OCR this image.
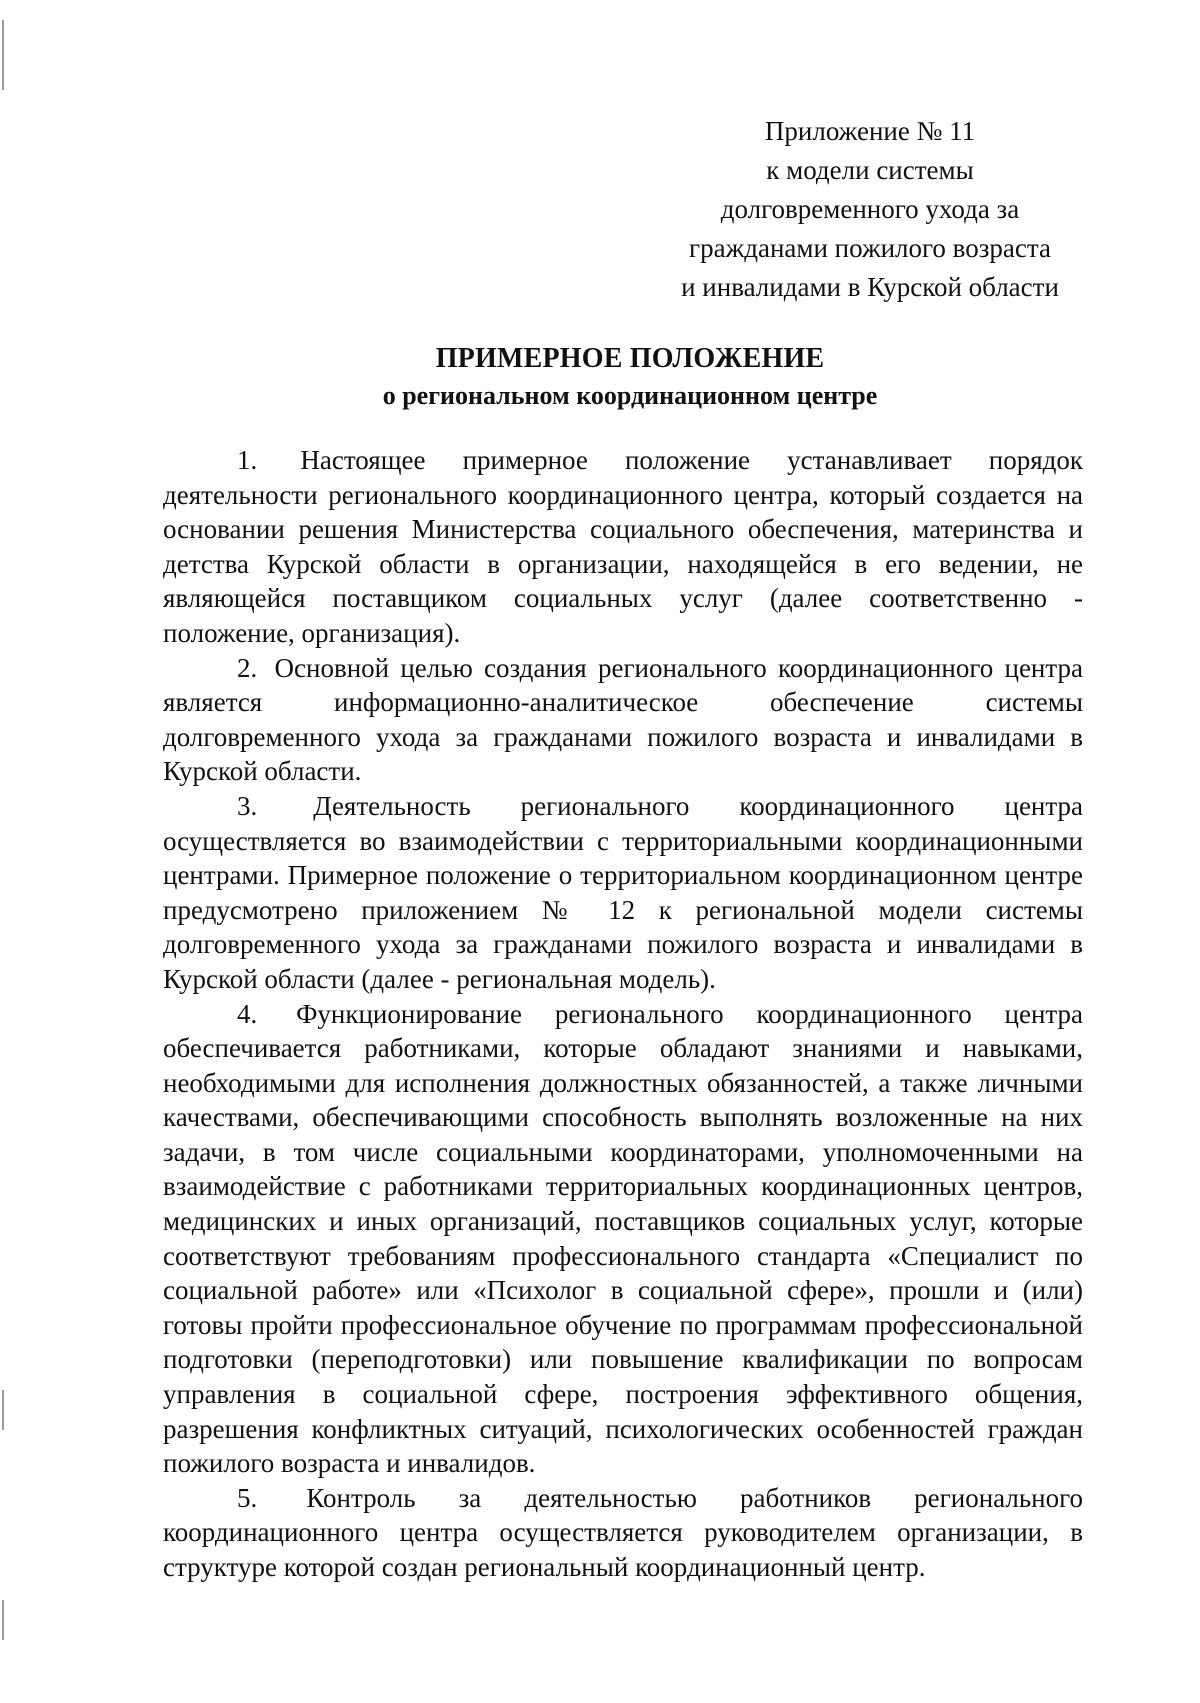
Приложение № 11
к модели системы
долговременного ухода за
гражданами пожилого возраста
и инвалидами в Курской области
ПРИМЕРНОЕ ПОЛОЖЕНИЕ
о региональном координационном центре

1. Настоящее примерное положение устанавливает порядок деятельности регионального координационного центра, который создается на основании решения Министерства социального обеспечения, материнства и детства Курской области в организации, находящейся в его ведении, не являющейся поставщиком социальных услуг (далее соответственно - положение, организация).

2. Основной целью создания регионального координационного центра является информационно-аналитическое обеспечение системы долговременного ухода за гражданами пожилого возраста и инвалидами в Курской области.

3. Деятельность регионального координационного центра осуществляется во взаимодействии с территориальными координационными центрами. Примерное положение о территориальном координационном центре предусмотрено приложением № 12 к региональной модели системы долговременного ухода за гражданами пожилого возраста и инвалидами в Курской области (далее - региональная модель).

4. Функционирование регионального координационного центра обеспечивается работниками, которые обладают знаниями и навыками, необходимыми для исполнения должностных обязанностей, а также личными качествами, обеспечивающими способность выполнять возложенные на них задачи, в том числе социальными координаторами, уполномоченными на взаимодействие с работниками территориальных координационных центров, медицинских и иных организаций, поставщиков социальных услуг, которые соответствуют требованиям профессионального стандарта «Специалист по социальной работе» или «Психолог в социальной сфере», прошли и (или) готовы пройти профессиональное обучение по программам профессиональной подготовки (переподготовки) или повышение квалификации по вопросам управления в социальной сфере, построения эффективного общения, разрешения конфликтных ситуаций, психологических особенностей граждан пожилого возраста и инвалидов.

5. Контроль за деятельностью работников регионального координационного центра осуществляется руководителем организации, в структуре которой создан региональный координационный центр.
